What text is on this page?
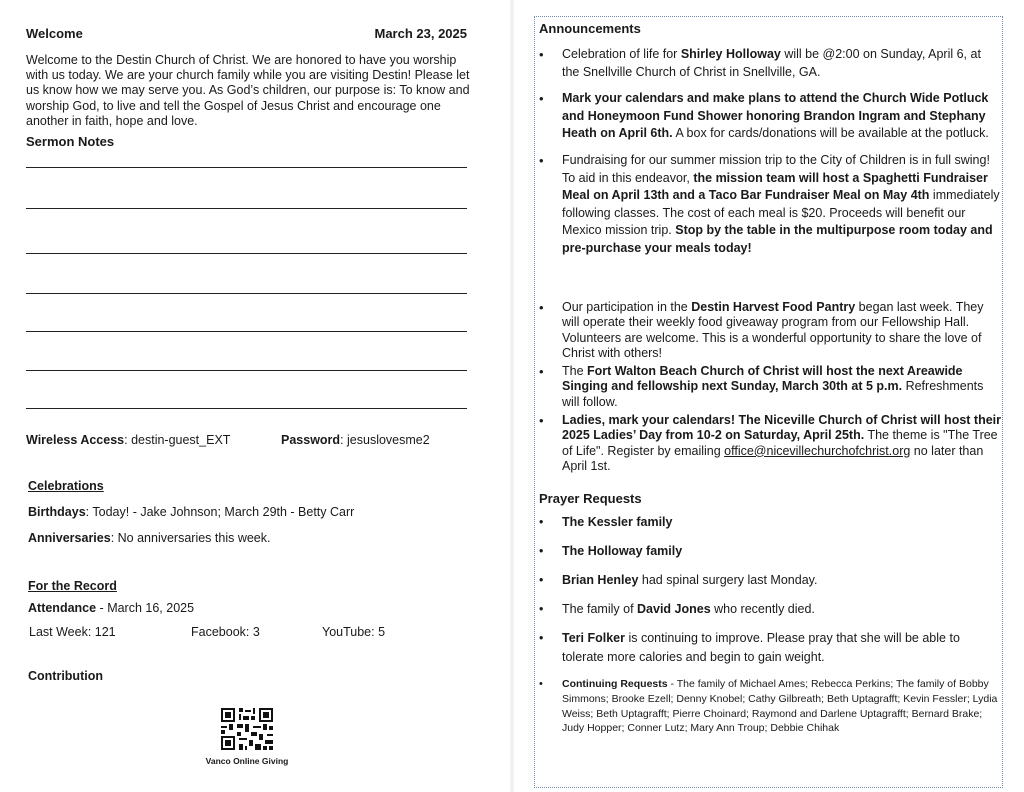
Welcome	March 23, 2025

Welcome to the Destin Church of Christ. We are honored to have you worship with us today. We are your church family while you are visiting Destin! Please let us know how we may serve you. As God’s children, our purpose is: To know and worship God, to live and tell the Gospel of Jesus Christ and encourage one another in faith, hope and love.

Sermon Notes
Wireless Access: destin-guest_EXT	Password: jesuslovesme2
Celebrations
Birthdays: Today! - Jake Johnson; March 29th - Betty Carr
Anniversaries: No anniversaries this week.
For the Record
Attendance - March 16, 2025
Last Week: 121	Facebook: 3	YouTube: 5
Contribution
Vanco Online Giving
Announcements
• Celebration of life for Shirley Holloway will be @2:00 on Sunday, April 6, at the Snellville Church of Christ in Snellville, GA.
• Mark your calendars and make plans to attend the Church Wide Potluck and Honeymoon Fund Shower honoring Brandon Ingram and Stephany Heath on April 6th. A box for cards/donations will be available at the potluck.
• Fundraising for our summer mission trip to the City of Children is in full swing! To aid in this endeavor, the mission team will host a Spaghetti Fundraiser Meal on April 13th and a Taco Bar Fundraiser Meal on May 4th immediately following classes. The cost of each meal is $20. Proceeds will benefit our Mexico mission trip. Stop by the table in the multipurpose room today and pre-purchase your meals today!
• Our participation in the Destin Harvest Food Pantry began last week. They will operate their weekly food giveaway program from our Fellowship Hall. Volunteers are welcome. This is a wonderful opportunity to share the love of Christ with others!
• The Fort Walton Beach Church of Christ will host the next Areawide Singing and fellowship next Sunday, March 30th at 5 p.m. Refreshments will follow.
• Ladies, mark your calendars! The Niceville Church of Christ will host their 2025 Ladies’ Day from 10-2 on Saturday, April 25th. The theme is "The Tree of Life". Register by emailing office@nicevillechurchofchrist.org no later than April 1st.
Prayer Requests
• The Kessler family
• The Holloway family
• Brian Henley had spinal surgery last Monday.
• The family of David Jones who recently died.
• Teri Folker is continuing to improve. Please pray that she will be able to tolerate more calories and begin to gain weight.
• Continuing Requests - The family of Michael Ames; Rebecca Perkins; The family of Bobby Simmons; Brooke Ezell; Denny Knobel; Cathy Gilbreath; Beth Uptagrafft; Kevin Fessler; Lydia Weiss; Beth Uptagrafft; Pierre Choinard; Raymond and Darlene Uptagrafft; Bernard Brake; Judy Hopper; Conner Lutz; Mary Ann Troup; Debbie Chihak
